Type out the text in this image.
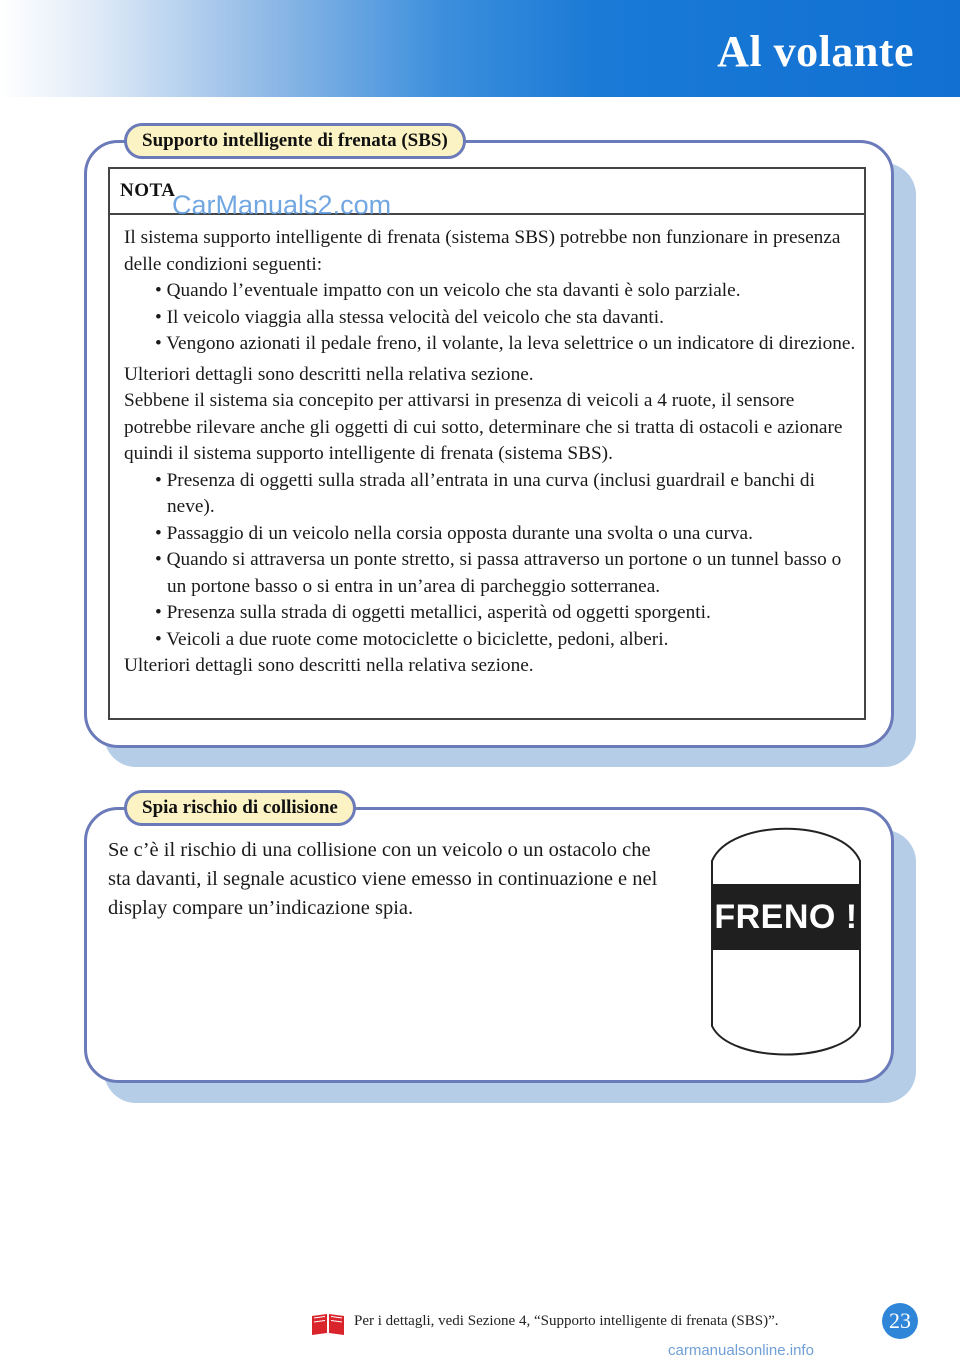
Al volante
Supporto intelligente di frenata (SBS)
NOTA
CarManuals2.com

Il sistema supporto intelligente di frenata (sistema SBS) potrebbe non funzionare in presenza delle condizioni seguenti:

• Quando l’eventuale impatto con un veicolo che sta davanti è solo parziale.

• Il veicolo viaggia alla stessa velocità del veicolo che sta davanti.

• Vengono azionati il pedale freno, il volante, la leva selettrice o un indicatore di direzione.

Ulteriori dettagli sono descritti nella relativa sezione.

Sebbene il sistema sia concepito per attivarsi in presenza di veicoli a 4 ruote, il sensore potrebbe rilevare anche gli oggetti di cui sotto, determinare che si tratta di ostacoli e azionare quindi il sistema supporto intelligente di frenata (sistema SBS).

• Presenza di oggetti sulla strada all’entrata in una curva (inclusi guardrail e banchi di neve).

• Passaggio di un veicolo nella corsia opposta durante una svolta o una curva.

• Quando si attraversa un ponte stretto, si passa attraverso un portone o un tunnel basso o un portone basso o si entra in un’area di parcheggio sotterranea.

• Presenza sulla strada di oggetti metallici, asperità od oggetti sporgenti.

• Veicoli a due ruote come motociclette o biciclette, pedoni, alberi.

Ulteriori dettagli sono descritti nella relativa sezione.

Spia rischio di collisione
Se c’è il rischio di una collisione con un veicolo o un ostacolo che sta davanti, il segnale acustico viene emesso in continuazione e nel display compare un’indicazione spia.	FRENO !
Per i dettagli, vedi Sezione 4, “Supporto intelligente di frenata (SBS)”.	23
carmanualsonline.info
